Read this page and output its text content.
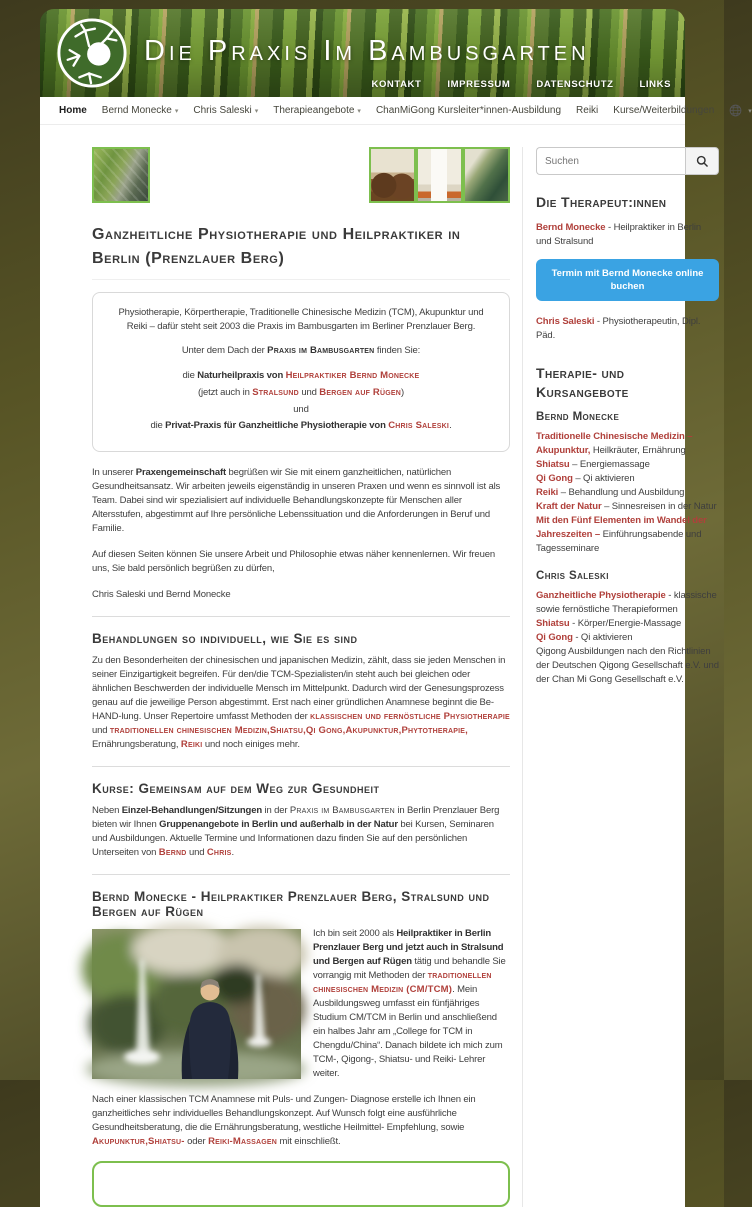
Die Praxis Im Bambusgarten
KONTAKT	IMPRESSUM	DATENSCHUTZ	LINKS
Home Bernd Monecke ▾ Chris Saleski ▾ Therapieangebote ▾ ChanMiGong Kursleiter*innen-Ausbildung Reiki Kurse/Weiterbildungen	▾
Ganzheitliche Physiotherapie und Heilpraktiker in Berlin (Prenzlauer Berg)

Physiotherapie, Körpertherapie, Traditionelle Chinesische Medizin (TCM), Akupunktur und Reiki – dafür steht seit 2003 die Praxis im Bambusgarten im Berliner Prenzlauer Berg.

Unter dem Dach der Praxis im Bambusgarten finden Sie:

die Naturheilpraxis von Heilpraktiker Bernd Monecke

(jetzt auch in Stralsund und Bergen auf Rügen)

und

die Privat-Praxis für Ganzheitliche Physiotherapie von Chris Saleski.

In unserer Praxengemeinschaft begrüßen wir Sie mit einem ganzheitlichen, natürlichen Gesundheitsansatz. Wir arbeiten jeweils eigenständig in unseren Praxen und wenn es sinnvoll ist als Team. Dabei sind wir spezialisiert auf individuelle Behandlungskonzepte für Menschen aller Altersstufen, abgestimmt auf Ihre persönliche Lebenssituation und die Anforderungen in Beruf und Familie.

Auf diesen Seiten können Sie unsere Arbeit und Philosophie etwas näher kennenlernen. Wir freuen uns, Sie bald persönlich begrüßen zu dürfen,

Chris Saleski und Bernd Monecke

Behandlungen so individuell, wie Sie es sind

Zu den Besonderheiten der chinesischen und japanischen Medizin, zählt, dass sie jeden Menschen in seiner Einzigartigkeit begreifen. Für den/die TCM-Spezialisten/in steht auch bei gleichen oder ähnlichen Beschwerden der individuelle Mensch im Mittelpunkt. Dadurch wird der Genesungsprozess genau auf die jeweilige Person abgestimmt. Erst nach einer gründlichen Anamnese beginnt die Be-HAND-lung. Unser Repertoire umfasst Methoden der klassischen und fernöstliche Physiotherapie und traditionellen chinesischen Medizin,Shiatsu,Qi Gong,Akupunktur,Phytotherapie, Ernährungsberatung, Reiki und noch einiges mehr.

Kurse: Gemeinsam auf dem Weg zur Gesundheit

Neben Einzel-Behandlungen/Sitzungen in der Praxis im Bambusgarten in Berlin Prenzlauer Berg bieten wir Ihnen Gruppenangebote in Berlin und außerhalb in der Natur bei Kursen, Seminaren und Ausbildungen. Aktuelle Termine und Informationen dazu finden Sie auf den persönlichen Unterseiten von Bernd und Chris.

Bernd Monecke - Heilpraktiker Prenzlauer Berg, Stralsund und Bergen auf Rügen

Ich bin seit 2000 als Heilpraktiker in Berlin Prenzlauer Berg und jetzt auch in Stralsund und Bergen auf Rügen tätig und behandle Sie vorrangig mit Methoden der traditionellen chinesischen Medizin (CM/TCM). Mein Ausbildungsweg umfasst ein fünfjähriges Studium CM/TCM in Berlin und anschließend ein halbes Jahr am „College for TCM in Chengdu/China“. Danach bildete ich mich zum TCM-, Qigong-, Shiatsu- und Reiki- Lehrer weiter.

Nach einer klassischen TCM Anamnese mit Puls- und Zungen- Diagnose erstelle ich Ihnen ein ganzheitliches sehr individuelles Behandlungskonzept. Auf Wunsch folgt eine ausführliche Gesundheitsberatung, die die Ernährungsberatung, westliche Heilmittel- Empfehlung, sowie Akupunktur,Shiatsu- oder Reiki-Massagen mit einschließt.

Suchen
Die Therapeut:innen

Bernd Monecke - Heilpraktiker in Berlin und Stralsund

Termin mit Bernd Monecke online buchen

Chris Saleski - Physiotherapeutin, Dipl. Päd.

Therapie- und Kursangebote
Bernd Monecke
Traditionelle Chinesische Medizin – Akupunktur, Heilkräuter, Ernährung
Shiatsu – Energiemassage
Qi Gong – Qi aktivieren
Reiki – Behandlung und Ausbildung
Kraft der Natur – Sinnesreisen in der Natur
Mit den Fünf Elementen im Wandel der Jahreszeiten – Einführungsabende und Tagesseminare
Chris Saleski
Ganzheitliche Physiotherapie - klassische sowie fernöstliche Therapieformen
Shiatsu - Körper/Energie-Massage
Qi Gong - Qi aktivieren
Qigong Ausbildungen nach den Richtlinien der Deutschen Qigong Gesellschaft e.V. und der Chan Mi Gong Gesellschaft e.V.
